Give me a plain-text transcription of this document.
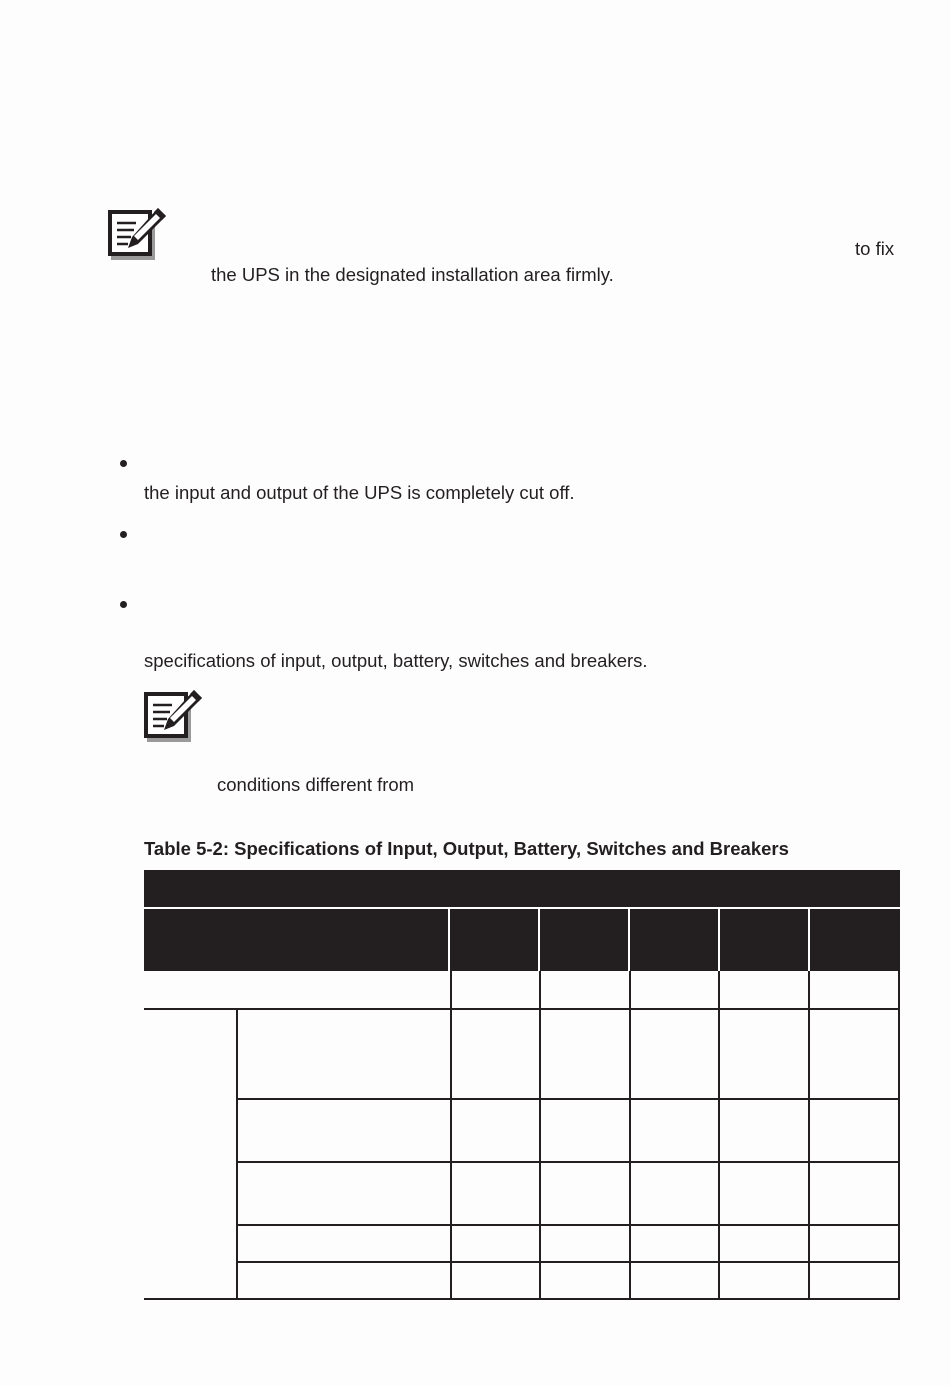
to fix
the UPS in the designated installation area firmly.
the input and output of the UPS is completely cut off.
specifications of input, output, battery, switches and breakers.
conditions different from
Table 5-2: Specifications of Input, Output, Battery, Switches and Breakers
